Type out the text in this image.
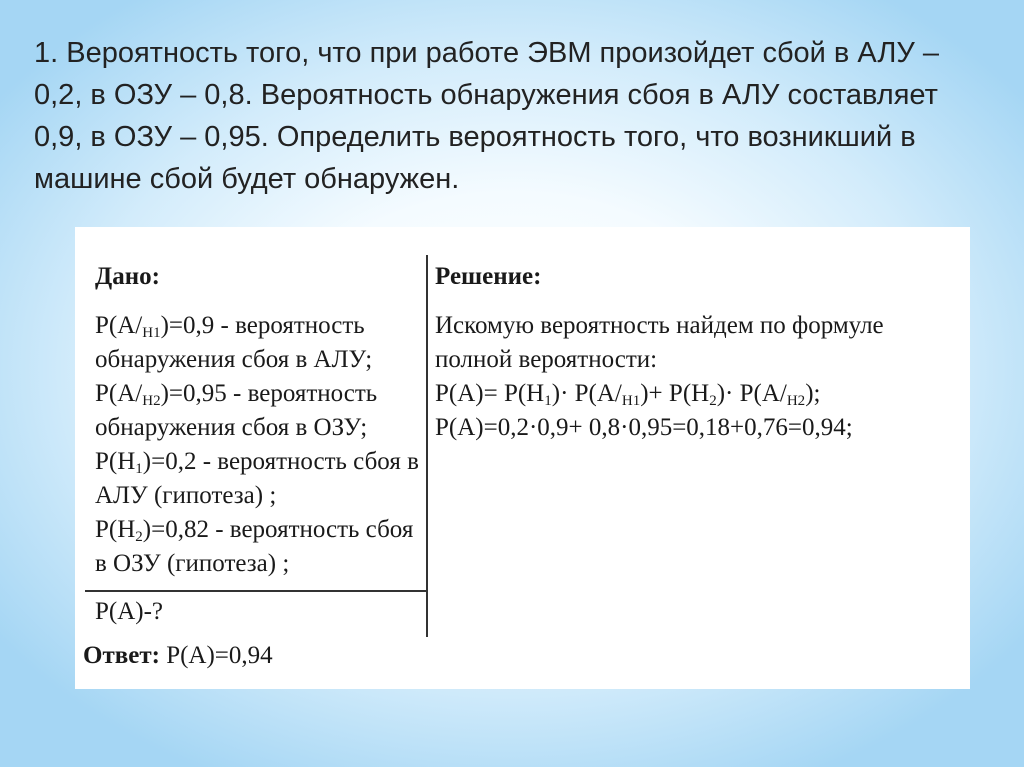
1. Вероятность того, что при работе ЭВМ произойдет сбой в АЛУ – 0,2, в ОЗУ – 0,8. Вероятность обнаружения сбоя в АЛУ составляет 0,9, в ОЗУ – 0,95. Определить вероятность того, что возникший в машине сбой будет обнаружен.
Дано:
$P(A/_{H1})=0,9$ - вероятность обнаружения сбоя в АЛУ;
$P(A/_{H2})=0,95$ - вероятность обнаружения сбоя в ОЗУ;
$P(H_1)=0,2$ - вероятность сбоя в АЛУ (гипотеза) ;
$P(H_2)=0,82$ - вероятность сбоя в ОЗУ (гипотеза) ;
P(A)-?
Решение:
Искомую вероятность найдем по формуле полной вероятности:
$P(A)= P(H_1)\cdot P(A/_{H1})+ P(H_2)\cdot P(A/_{H2})$;
P(A)=0,2·0,9+ 0,8·0,95=0,18+0,76=0,94;
Ответ: P(A)=0,94
